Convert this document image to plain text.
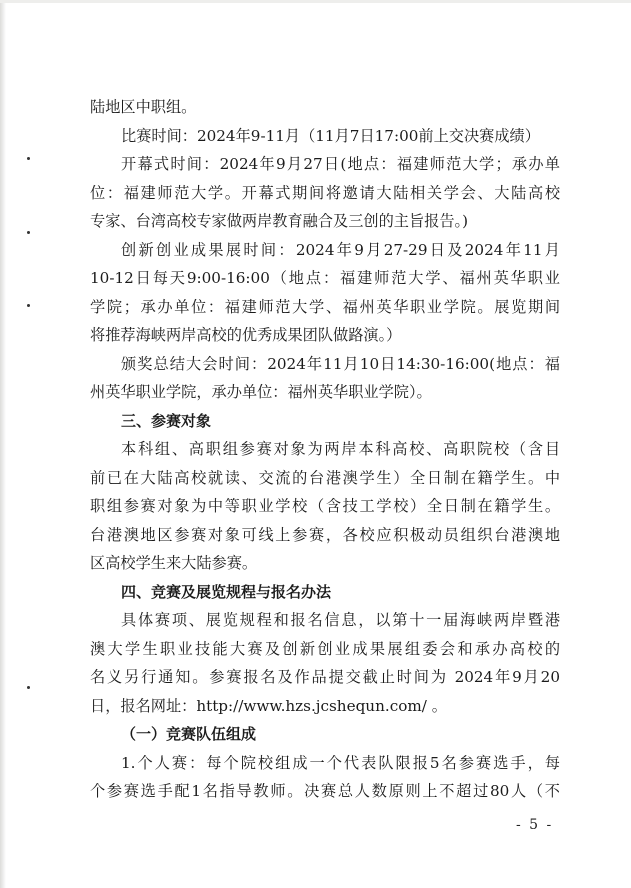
陆地区中职组。
比赛时间：2024年9-11月（11月7日17:00前上交决赛成绩）
开幕式时间：2024年9月27日(地点：福建师范大学；承办单
位：福建师范大学。开幕式期间将邀请大陆相关学会、大陆高校
专家、台湾高校专家做两岸教育融合及三创的主旨报告。)
创新创业成果展时间：2024年9月27-29日及2024年11月
10-12日每天9:00-16:00（地点：福建师范大学、福州英华职业
学院；承办单位：福建师范大学、福州英华职业学院。展览期间
将推荐海峡两岸高校的优秀成果团队做路演。）
颁奖总结大会时间：2024年11月10日14:30-16:00(地点：福
州英华职业学院，承办单位：福州英华职业学院）。
三、参赛对象
本科组、高职组参赛对象为两岸本科高校、高职院校（含目
前已在大陆高校就读、交流的台港澳学生）全日制在籍学生。中
职组参赛对象为中等职业学校（含技工学校）全日制在籍学生。
台港澳地区参赛对象可线上参赛，各校应积极动员组织台港澳地
区高校学生来大陆参赛。
四、竞赛及展览规程与报名办法
具体赛项、展览规程和报名信息，以第十一届海峡两岸暨港
澳大学生职业技能大赛及创新创业成果展组委会和承办高校的
名义另行通知。参赛报名及作品提交截止时间为 2024年9月20
日，报名网址：http://www.hzs.jcshequn.com/ 。
（一）竞赛队伍组成
1.个人赛：每个院校组成一个代表队限报5名参赛选手，每
个参赛选手配1名指导教师。决赛总人数原则上不超过80人（不
- 5 -
